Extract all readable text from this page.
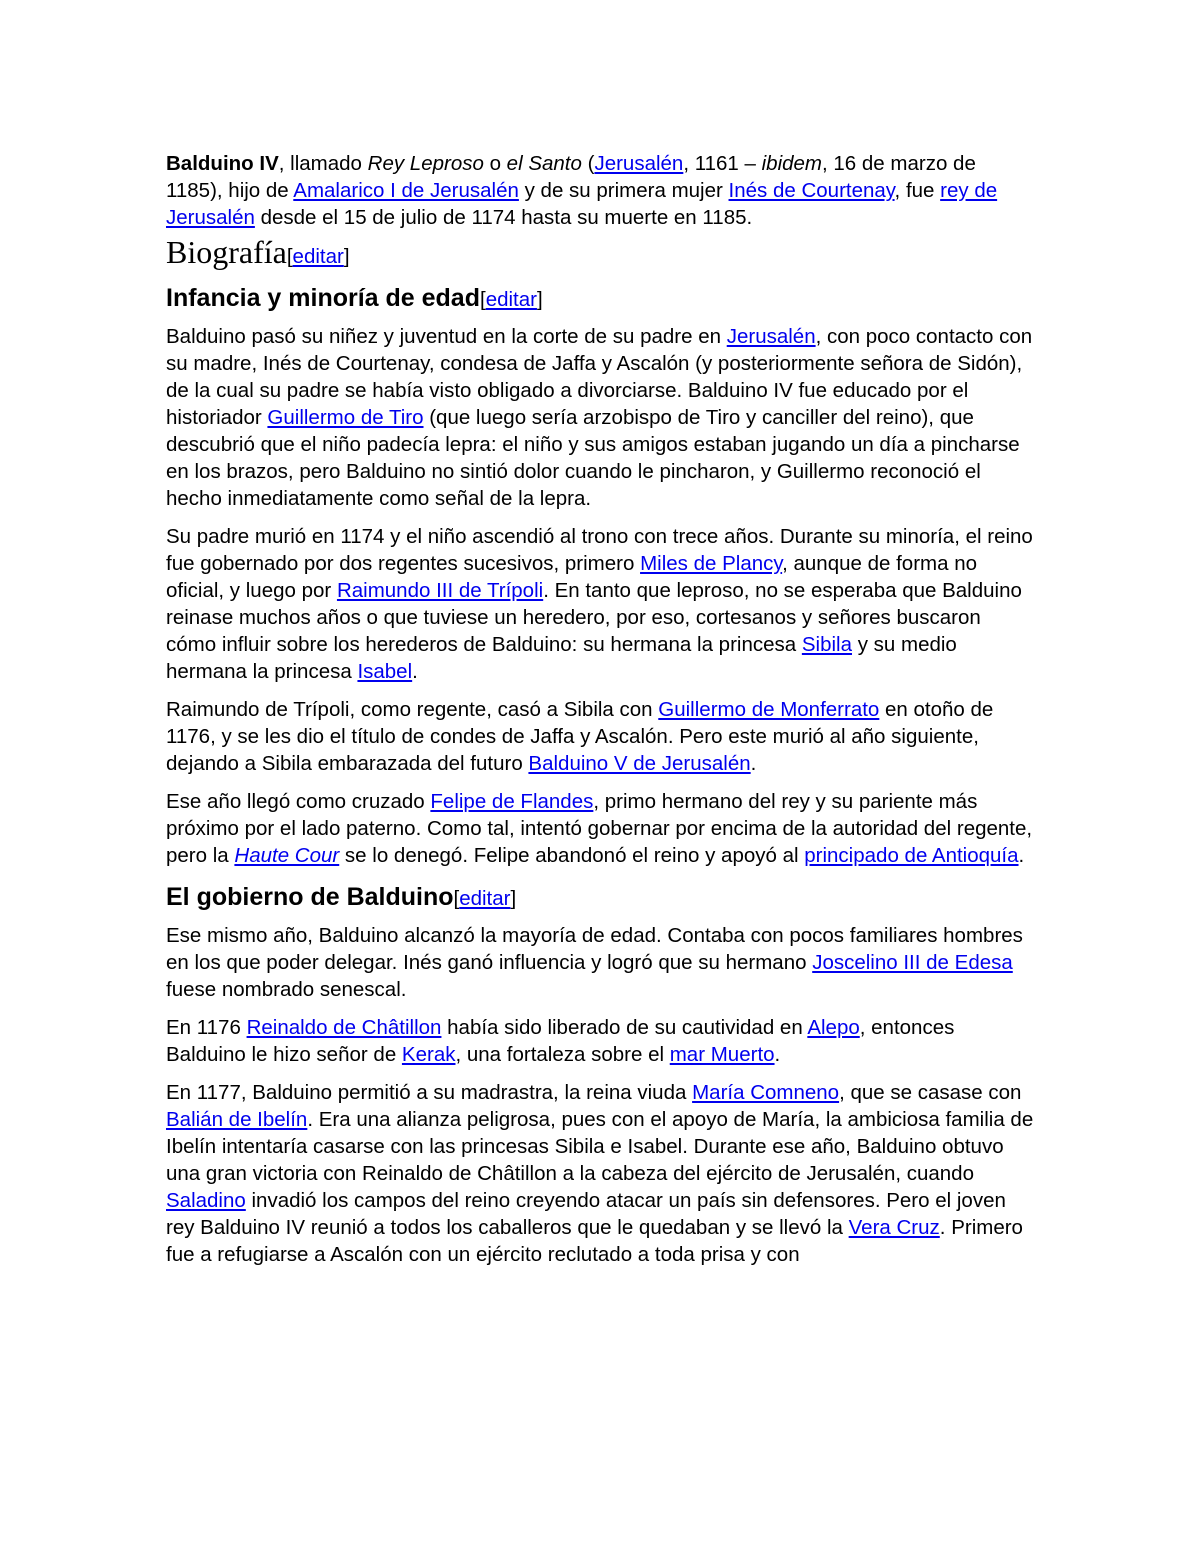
Balduino IV, llamado Rey Leproso o el Santo (Jerusalén, 1161 – ibidem, 16 de marzo de 1185), hijo de Amalarico I de Jerusalén y de su primera mujer Inés de Courtenay, fue rey de Jerusalén desde el 15 de julio de 1174 hasta su muerte en 1185.

Biografía[editar]
Infancia y minoría de edad[editar]

Balduino pasó su niñez y juventud en la corte de su padre en Jerusalén, con poco contacto con su madre, Inés de Courtenay, condesa de Jaffa y Ascalón (y posteriormente señora de Sidón), de la cual su padre se había visto obligado a divorciarse. Balduino IV fue educado por el historiador Guillermo de Tiro (que luego sería arzobispo de Tiro y canciller del reino), que descubrió que el niño padecía lepra: el niño y sus amigos estaban jugando un día a pincharse en los brazos, pero Balduino no sintió dolor cuando le pincharon, y Guillermo reconoció el hecho inmediatamente como señal de la lepra.

Su padre murió en 1174 y el niño ascendió al trono con trece años. Durante su minoría, el reino fue gobernado por dos regentes sucesivos, primero Miles de Plancy, aunque de forma no oficial, y luego por Raimundo III de Trípoli. En tanto que leproso, no se esperaba que Balduino reinase muchos años o que tuviese un heredero, por eso, cortesanos y señores buscaron cómo influir sobre los herederos de Balduino: su hermana la princesa Sibila y su medio hermana la princesa Isabel.

Raimundo de Trípoli, como regente, casó a Sibila con Guillermo de Monferrato en otoño de 1176, y se les dio el título de condes de Jaffa y Ascalón. Pero este murió al año siguiente, dejando a Sibila embarazada del futuro Balduino V de Jerusalén.

Ese año llegó como cruzado Felipe de Flandes, primo hermano del rey y su pariente más próximo por el lado paterno. Como tal, intentó gobernar por encima de la autoridad del regente, pero la Haute Cour se lo denegó. Felipe abandonó el reino y apoyó al principado de Antioquía.

El gobierno de Balduino[editar]

Ese mismo año, Balduino alcanzó la mayoría de edad. Contaba con pocos familiares hombres en los que poder delegar. Inés ganó influencia y logró que su hermano Joscelino III de Edesa fuese nombrado senescal.

En 1176 Reinaldo de Châtillon había sido liberado de su cautividad en Alepo, entonces Balduino le hizo señor de Kerak, una fortaleza sobre el mar Muerto.

En 1177, Balduino permitió a su madrastra, la reina viuda María Comneno, que se casase con Balián de Ibelín. Era una alianza peligrosa, pues con el apoyo de María, la ambiciosa familia de Ibelín intentaría casarse con las princesas Sibila e Isabel. Durante ese año, Balduino obtuvo una gran victoria con Reinaldo de Châtillon a la cabeza del ejército de Jerusalén, cuando Saladino invadió los campos del reino creyendo atacar un país sin defensores. Pero el joven rey Balduino IV reunió a todos los caballeros que le quedaban y se llevó la Vera Cruz. Primero fue a refugiarse a Ascalón con un ejército reclutado a toda prisa y con
